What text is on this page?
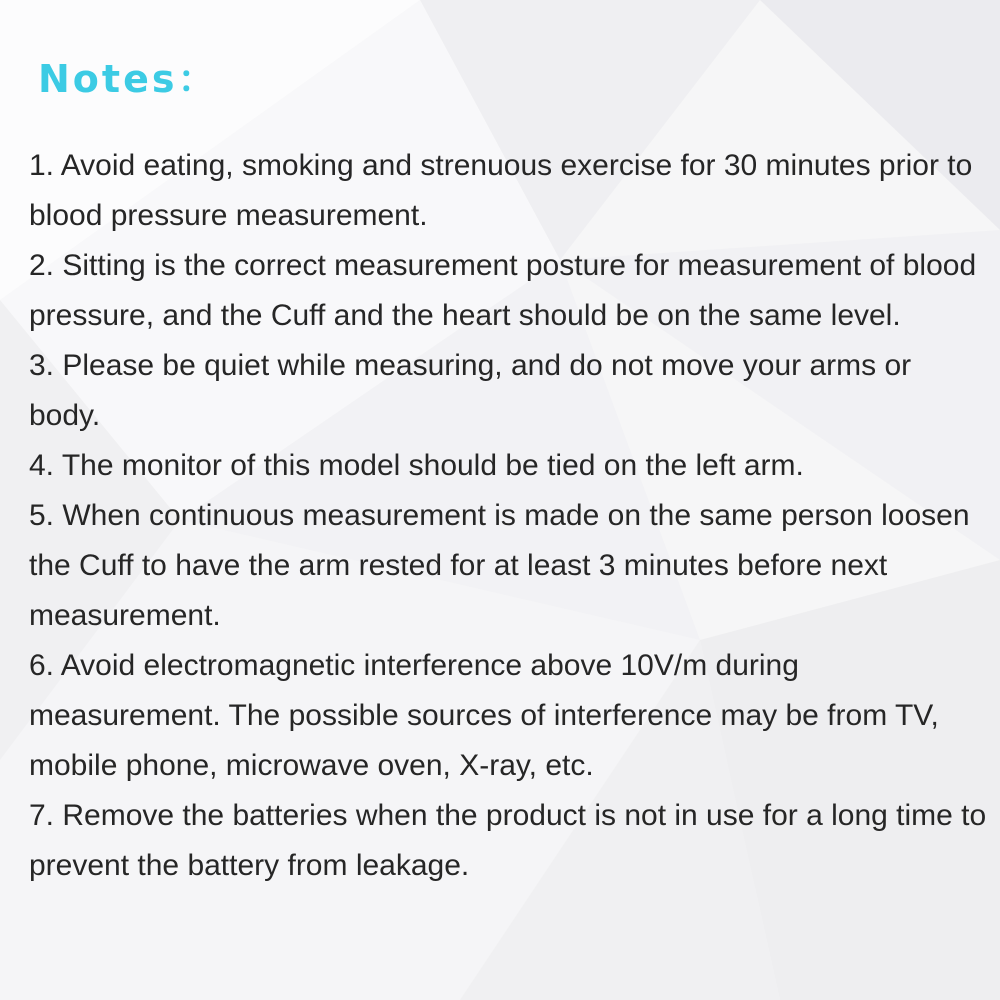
Notes：
1. Avoid eating, smoking and strenuous exercise for 30 minutes prior to blood pressure measurement.
2. Sitting is the correct measurement posture for measurement of blood pressure, and the Cuff and the heart should be on the same level.
3. Please be quiet while measuring, and do not move your arms or body.
4. The monitor of this model should be tied on the left arm.
5. When continuous measurement is made on the same person loosen the Cuff to have the arm rested for at least 3 minutes before next measurement.
6. Avoid electromagnetic interference above 10V/m during measurement. The possible sources of interference may be from TV, mobile phone, microwave oven, X-ray, etc.
7. Remove the batteries when the product is not in use for a long time to prevent the battery from leakage.
